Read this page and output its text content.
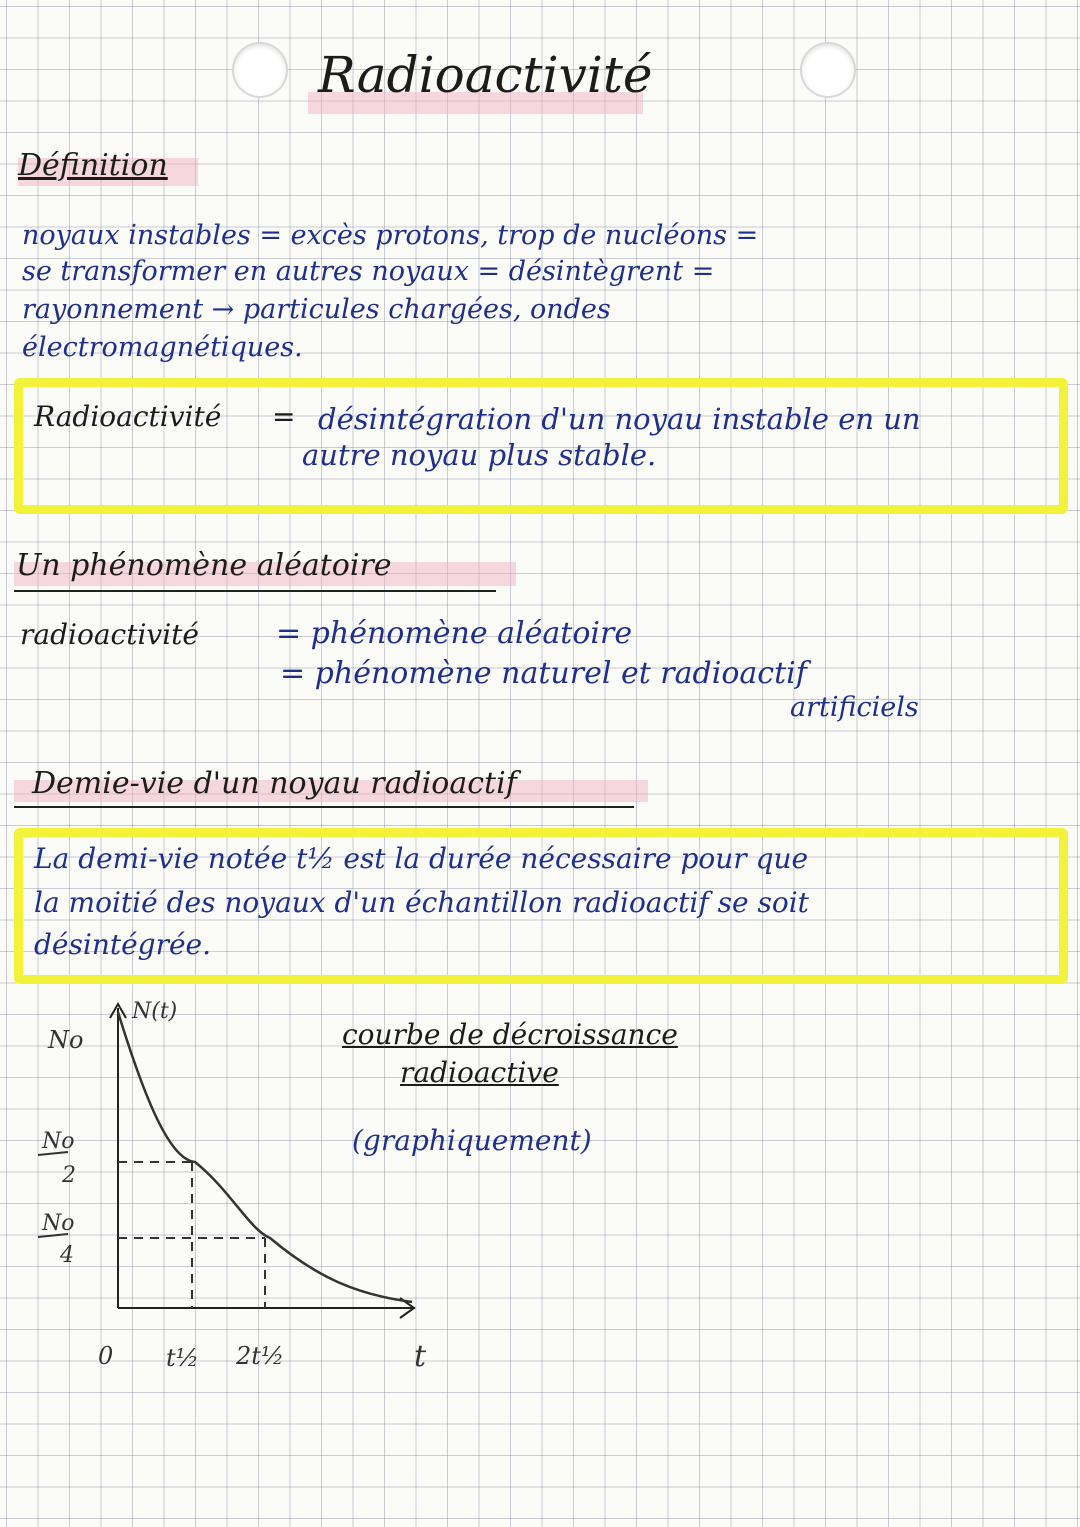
Radioactivité
Définition
noyaux instables = excès protons, trop de nucléons =
se transformer en autres noyaux = désintègrent =
rayonnement → particules chargées, ondes
électromagnétiques.
Radioactivité = désintégration d'un noyau instable en un
autre noyau plus stable.
Un phénomène aléatoire
radioactivité	= phénomène aléatoire
= phénomène naturel et radioactif
artificiels
Demie-vie d'un noyau radioactif
La demi-vie notée t½ est la durée nécessaire pour que
la moitié des noyaux d'un échantillon radioactif se soit
désintégrée.
N(t)
No
No
2
No
4
0 t½ 2t½	t
courbe de décroissance
radioactive
(graphiquement)
